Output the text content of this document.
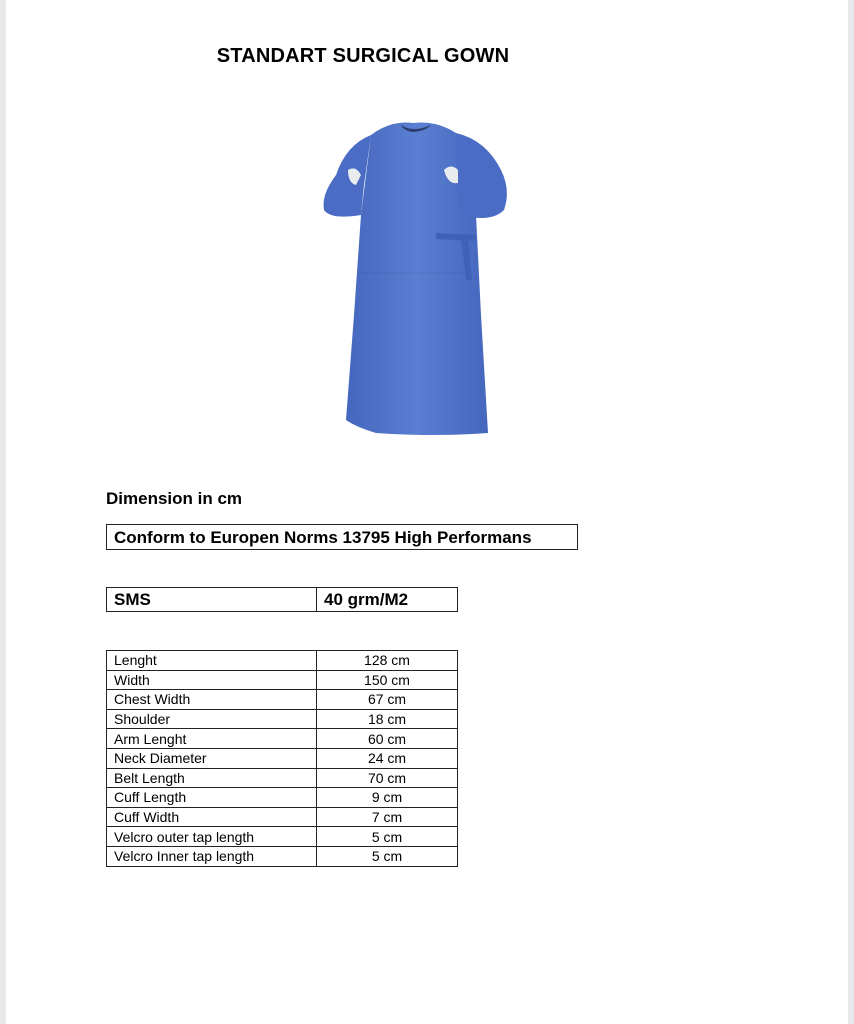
STANDART SURGICAL GOWN
Dimension in cm
Conform to Europen Norms 13795 High Performans
SMS	40 grm/M2
Lenght	128 cm
Width	150 cm
Chest Width	67 cm
Shoulder	18 cm
Arm Lenght	60 cm
Neck Diameter	24 cm
Belt Length	70 cm
Cuff Length	9 cm
Cuff Width	7 cm
Velcro outer tap length	5 cm
Velcro Inner tap length	5 cm
